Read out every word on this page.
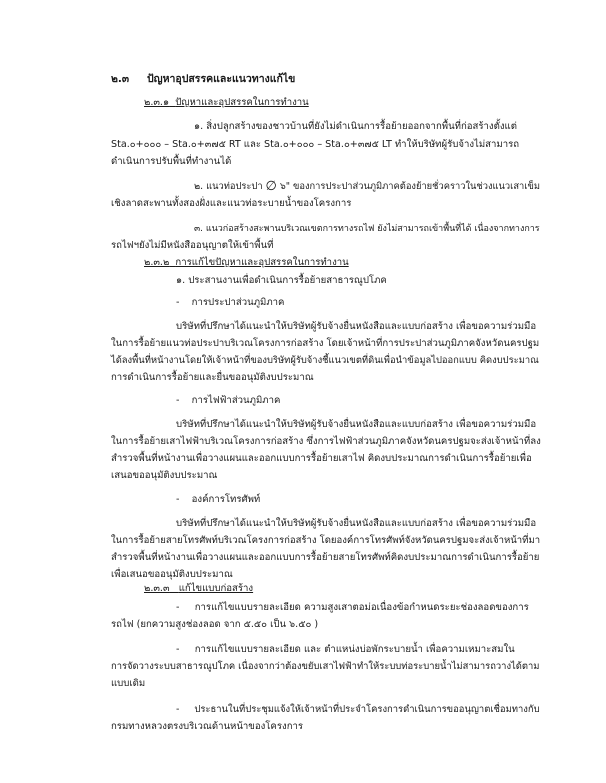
๒.๓ ปัญหาอุปสรรคและแนวทางแก้ไข
๒.๓.๑ ปัญหาและอุปสรรคในการทำงาน
๑. สิ่งปลูกสร้างของชาวบ้านที่ยังไม่ดำเนินการรื้อย้ายออกจากพื้นที่ก่อสร้างตั้งแต่
Sta.๐+๐๐๐ – Sta.๐+๓๗๕ RT และ Sta.๐+๐๐๐ – Sta.๐+๓๗๕ LT ทำให้บริษัทผู้รับจ้างไม่สามารถ
ดำเนินการปรับพื้นที่ทำงานได้
๒. แนวท่อประปา ∅ ๖" ของการประปาส่วนภูมิภาคต้องย้ายชั่วคราวในช่วงแนวเสาเข็ม
เชิงลาดสะพานทั้งสองฝั่งและแนวท่อระบายน้ำของโครงการ
๓. แนวก่อสร้างสะพานบริเวณเขตการทางรถไฟ ยังไม่สามารถเข้าพื้นที่ได้ เนื่องจากทางการ
รถไฟฯยังไม่มีหนังสืออนุญาตให้เข้าพื้นที่
๒.๓.๒ การแก้ไขปัญหาและอุปสรรคในการทำงาน
๑. ประสานงานเพื่อดำเนินการรื้อย้ายสาธารณูปโภค
- การประปาส่วนภูมิภาค
บริษัทที่ปรึกษาได้แนะนำให้บริษัทผู้รับจ้างยื่นหนังสือและแบบก่อสร้าง เพื่อขอความร่วมมือ
ในการรื้อย้ายแนวท่อประปาบริเวณโครงการก่อสร้าง โดยเจ้าหน้าที่การประปาส่วนภูมิภาคจังหวัดนครปฐม
ได้ลงพื้นที่หน้างานโดยให้เจ้าหน้าที่ของบริษัทผู้รับจ้างชี้แนวเขตที่ดินเพื่อนำข้อมูลไปออกแบบ คิดงบประมาณ
การดำเนินการรื้อย้ายและยื่นขออนุมัติงบประมาณ
- การไฟฟ้าส่วนภูมิภาค
บริษัทที่ปรึกษาได้แนะนำให้บริษัทผู้รับจ้างยื่นหนังสือและแบบก่อสร้าง เพื่อขอความร่วมมือ
ในการรื้อย้ายเสาไฟฟ้าบริเวณโครงการก่อสร้าง ซึ่งการไฟฟ้าส่วนภูมิภาคจังหวัดนครปฐมจะส่งเจ้าหน้าที่ลง
สำรวจพื้นที่หน้างานเพื่อวางแผนและออกแบบการรื้อย้ายเสาไฟ คิดงบประมาณการดำเนินการรื้อย้ายเพื่อ
เสนอขออนุมัติงบประมาณ
- องค์การโทรศัพท์
บริษัทที่ปรึกษาได้แนะนำให้บริษัทผู้รับจ้างยื่นหนังสือและแบบก่อสร้าง เพื่อขอความร่วมมือ
ในการรื้อย้ายสายโทรศัพท์บริเวณโครงการก่อสร้าง โดยองค์การโทรศัพท์จังหวัดนครปฐมจะส่งเจ้าหน้าที่มา
สำรวจพื้นที่หน้างานเพื่อวางแผนและออกแบบการรื้อย้ายสายโทรศัพท์คิดงบประมาณการดำเนินการรื้อย้าย
เพื่อเสนอขออนุมัติงบประมาณ
๒.๓.๓ แก้ไขแบบก่อสร้าง
- การแก้ไขแบบรายละเอียด ความสูงเสาตอม่อเนื่องข้อกำหนดระยะช่องลอดของการ
รถไฟ (ยกความสูงช่องลอด จาก ๕.๕๐ เป็น ๖.๕๐ )
- การแก้ไขแบบรายละเอียด และ ตำแหน่งบ่อพักระบายน้ำ เพื่อความเหมาะสมใน
การจัดวางระบบสาธารณูปโภค เนื่องจากว่าต้องขยับเสาไฟฟ้าทำให้ระบบท่อระบายน้ำไม่สามารถวางได้ตาม
แบบเดิม
- ประธานในที่ประชุมแจ้งให้เจ้าหน้าที่ประจำโครงการดำเนินการขออนุญาตเชื่อมทางกับ
กรมทางหลวงตรงบริเวณด้านหน้าของโครงการ
